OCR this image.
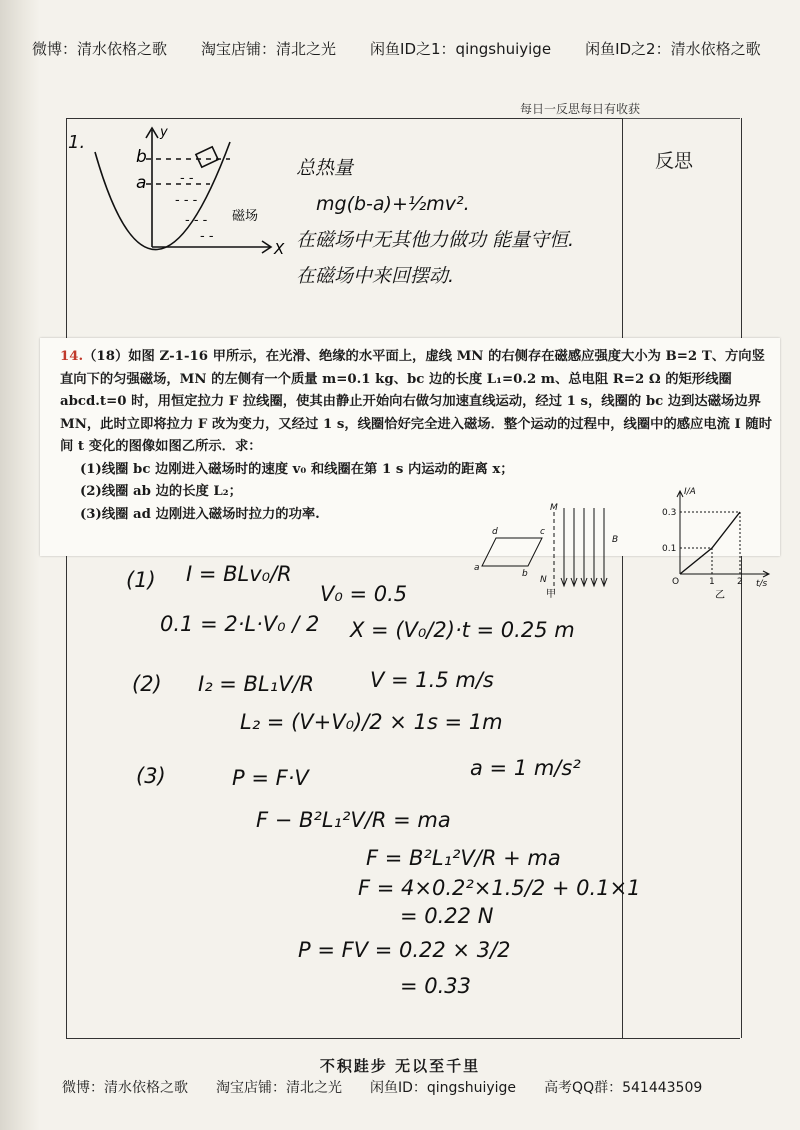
微博：清水依格之歌 淘宝店铺：清北之光 闲鱼ID之1：qingshuiyige 闲鱼ID之2：清水依格之歌
每日一反思每日有收获
反思
1.
- -
- - -
- - -
- -
b
a
y
X
磁场
总热量
mg(b-a)+½mv².
在磁场中无其他力做功 能量守恒.
在磁场中来回摆动.
14.（18）如图 Z-1-16 甲所示，在光滑、绝缘的水平面上，虚线 MN 的右侧存在磁感应强度大小为 B=2 T、方向竖直向下的匀强磁场，MN 的左侧有一个质量 m=0.1 kg、bc 边的长度 L₁=0.2 m、总电阻 R=2 Ω 的矩形线圈 abcd.t=0 时，用恒定拉力 F 拉线圈，使其由静止开始向右做匀加速直线运动，经过 1 s，线圈的 bc 边到达磁场边界 MN，此时立即将拉力 F 改为变力，又经过 1 s，线圈恰好完全进入磁场．整个运动的过程中，线圈中的感应电流 I 随时间 t 变化的图像如图乙所示．求：
(1)线圈 bc 边刚进入磁场时的速度 v₀ 和线圈在第 1 s 内运动的距离 x；
(2)线圈 ab 边的长度 L₂；
(3)线圈 ad 边刚进入磁场时拉力的功率.
a
b
c
d
M
N
B
甲
I/A
t/s
0.3
0.1
O	1 2
乙
(1) I = BLv₀/R
V₀ = 0.5
0.1 = 2·L·V₀ / 2 X = (V₀/2)·t = 0.25 m
(2) I₂ = BL₁V/R	V = 1.5 m/s
L₂ = (V+V₀)/2 × 1s = 1m
(3)	P = F·V	a = 1 m/s²
F − B²L₁²V/R = ma
F = B²L₁²V/R + ma
F = 4×0.2²×1.5/2 + 0.1×1
= 0.22 N
P = FV = 0.22 × 3/2
= 0.33
不积跬步 无以至千里
微博：清水依格之歌 淘宝店铺：清北之光 闲鱼ID：qingshuiyige 高考QQ群：541443509
